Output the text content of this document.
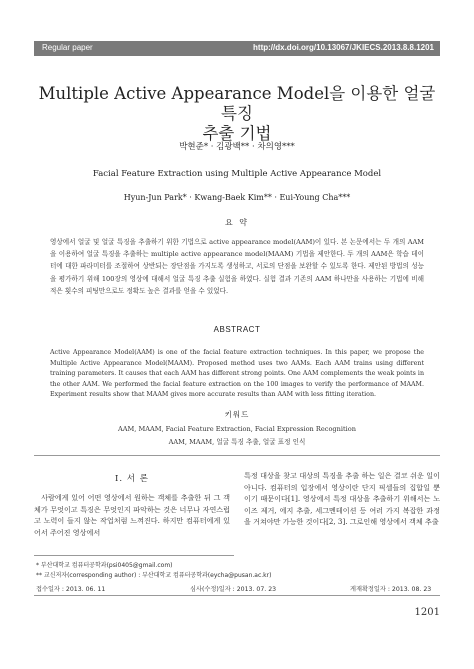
Regular paper	http://dx.doi.org/10.13067/JKIECS.2013.8.8.1201
Multiple Active Appearance Model을 이용한 얼굴 특징
추출 기법
박현준* · 김광백** · 차의영***
Facial Feature Extraction using Multiple Active Appearance Model
Hyun-Jun Park* · Kwang-Baek Kim** · Eui-Young Cha***
요 약
영상에서 얼굴 및 얼굴 특징을 추출하기 위한 기법으로 active appearance model(AAM)이 있다. 본 논문에서는 두 개의 AAM을 이용하여 얼굴 특징을 추출하는 multiple active appearance model(MAAM) 기법을 제안한다. 두 개의 AAM은 학습 데이터에 대한 파라미터를 조절하여 상반되는 장단점을 가지도록 생성하고, 서로의 단점을 보완할 수 있도록 한다. 제안된 방법의 성능을 평가하기 위해 100장의 영상에 대해서 얼굴 특징 추출 실험을 하였다. 실험 결과 기존의 AAM 하나만을 사용하는 기법에 비해 적은 횟수의 피팅만으로도 정확도 높은 결과를 얻을 수 있었다.
ABSTRACT
Active Appearance Model(AAM) is one of the facial feature extraction techniques. In this paper, we propose the Multiple Active Appearance Model(MAAM). Proposed method uses two AAMs. Each AAM trains using different training parameters. It causes that each AAM has different strong points. One AAM complements the weak points in the other AAM. We performed the facial feature extraction on the 100 images to verify the performance of MAAM. Experiment results show that MAAM gives more accurate results than AAM with less fitting iteration.
키워드
AAM, MAAM, Facial Feature Extraction, Facial Expression Recognition
AAM, MAAM, 얼굴 특징 추출, 얼굴 표정 인식
Ⅰ. 서 론
사람에게 있어 어떤 영상에서 원하는 객체를 추출한 뒤 그 객체가 무엇이고 특징은 무엇인지 파악하는 것은 너무나 자연스럽고 노력이 들지 않는 작업처럼 느껴진다. 하지만 컴퓨터에게 있어서 주어진 영상에서
특정 대상을 찾고 대상의 특징을 추출 하는 일은 결코 쉬운 일이 아니다. 컴퓨터의 입장에서 영상이란 단지 픽셀들의 집합일 뿐이기 때문이다[1]. 영상에서 특정 대상을 추출하기 위해서는 노이즈 제거, 에지 추출, 세그멘테이션 등 여러 가지 복잡한 과정을 거쳐야만 가능한 것이다[2, 3]. 그로인해 영상에서 객체 추출
* 부산대학교 컴퓨터공학과(psi0405@gmail.com)
** 교신저자(corresponding author) : 부산대학교 컴퓨터공학과(eycha@pusan.ac.kr)
접수일자 : 2013. 06. 11	심사(수정)일자 : 2013. 07. 23	게재확정일자 : 2013. 08. 23
1201
